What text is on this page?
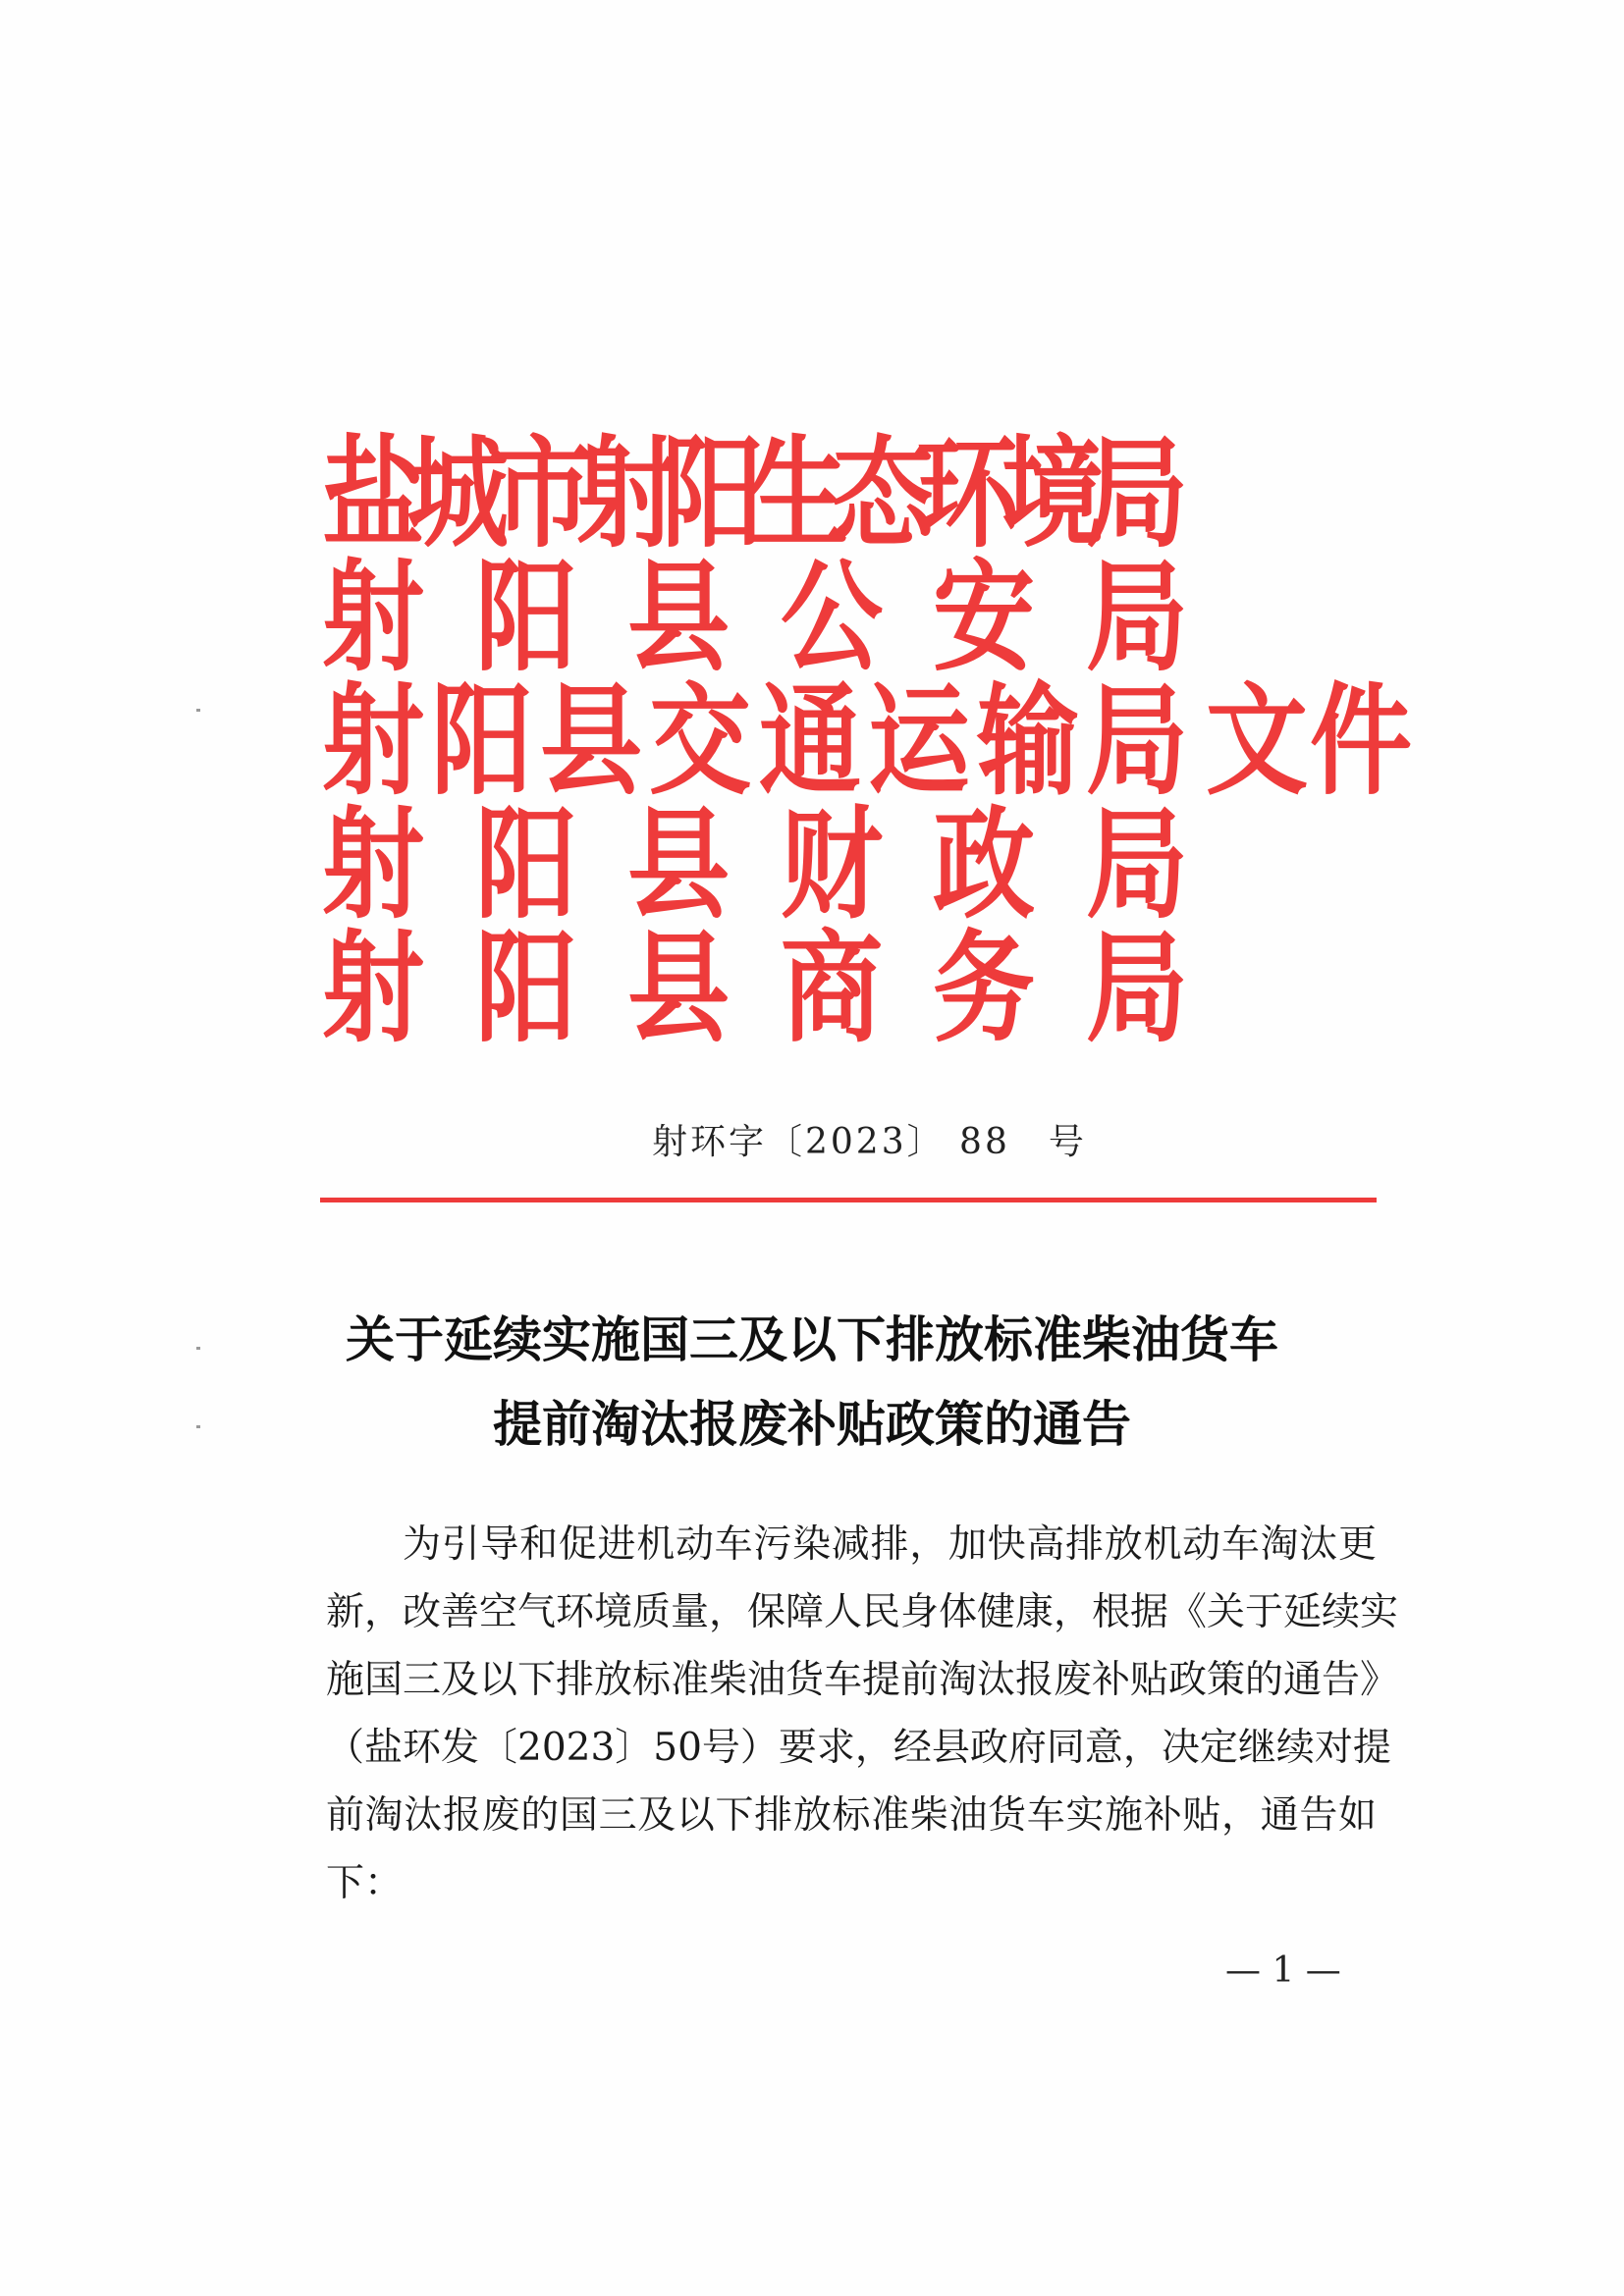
盐
城
市
射
阳
生
态
环
境
局
射 阳 县 公 安 局
射 阳 县 交 通 运 输 局
射 阳 县 财 政 局
射 阳 县 商 务 局
文件
射环字〔2023〕 88　号
关于延续实施国三及以下排放标准柴油货车
提前淘汰报废补贴政策的通告
为引导和促进机动车污染减排，加快高排放机动车淘汰更
新，改善空气环境质量，保障人民身体健康，根据《关于延续实
施国三及以下排放标准柴油货车提前淘汰报废补贴政策的通告》
（盐环发〔2023〕50号）要求，经县政府同意，决定继续对提
前淘汰报废的国三及以下排放标准柴油货车实施补贴，通告如
下：
— 1 —
